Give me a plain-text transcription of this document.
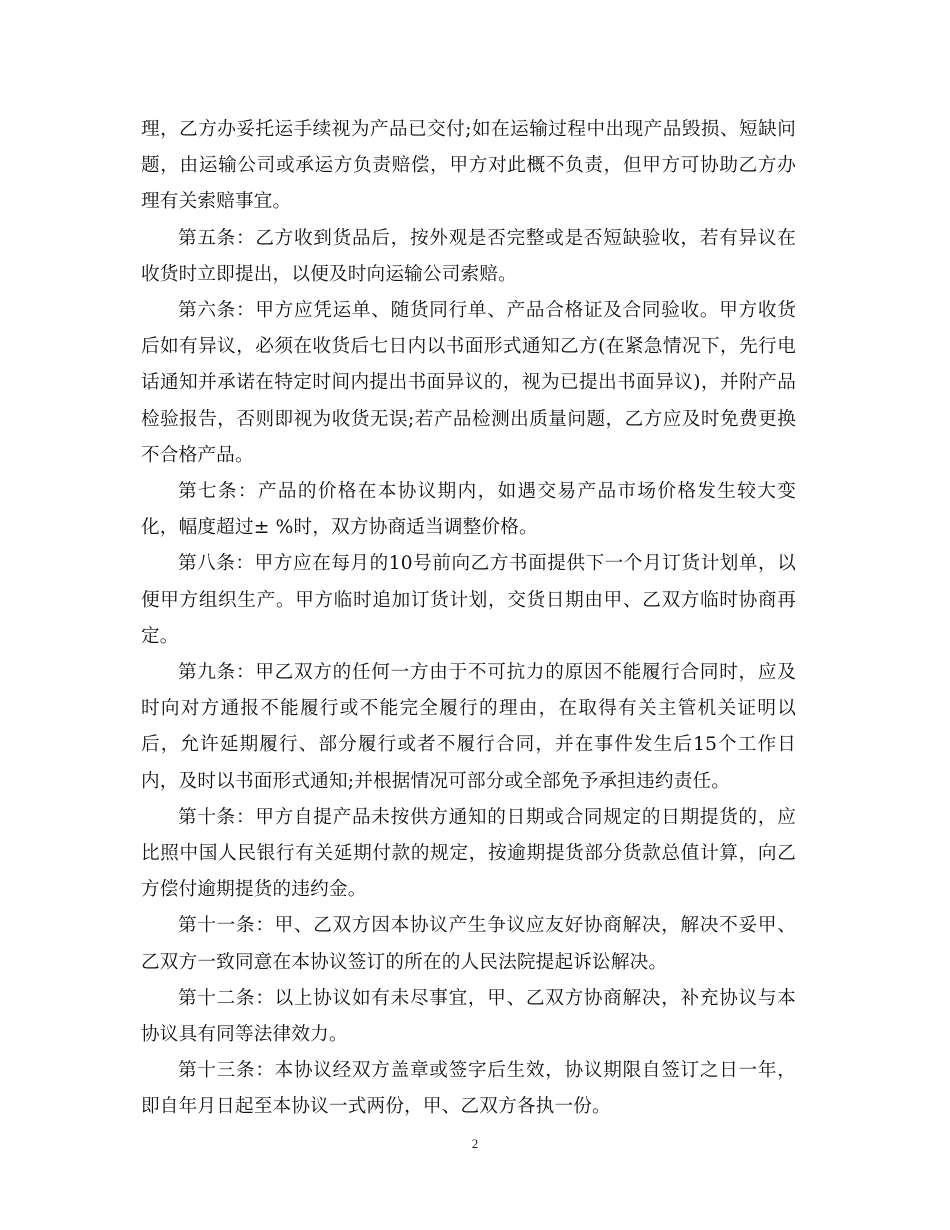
理，乙方办妥托运手续视为产品已交付;如在运输过程中出现产品毁损、短缺问题，由运输公司或承运方负责赔偿，甲方对此概不负责，但甲方可协助乙方办理有关索赔事宜。

第五条：乙方收到货品后，按外观是否完整或是否短缺验收，若有异议在收货时立即提出，以便及时向运输公司索赔。

第六条：甲方应凭运单、随货同行单、产品合格证及合同验收。甲方收货后如有异议，必须在收货后七日内以书面形式通知乙方(在紧急情况下，先行电话通知并承诺在特定时间内提出书面异议的，视为已提出书面异议)，并附产品检验报告，否则即视为收货无误;若产品检测出质量问题，乙方应及时免费更换不合格产品。

第七条：产品的价格在本协议期内，如遇交易产品市场价格发生较大变化，幅度超过± %时，双方协商适当调整价格。

第八条：甲方应在每月的10号前向乙方书面提供下一个月订货计划单，以便甲方组织生产。甲方临时追加订货计划，交货日期由甲、乙双方临时协商再定。

第九条：甲乙双方的任何一方由于不可抗力的原因不能履行合同时，应及时向对方通报不能履行或不能完全履行的理由，在取得有关主管机关证明以后，允许延期履行、部分履行或者不履行合同，并在事件发生后15个工作日内，及时以书面形式通知;并根据情况可部分或全部免予承担违约责任。

第十条：甲方自提产品未按供方通知的日期或合同规定的日期提货的，应比照中国人民银行有关延期付款的规定，按逾期提货部分货款总值计算，向乙方偿付逾期提货的违约金。

第十一条：甲、乙双方因本协议产生争议应友好协商解决，解决不妥甲、乙双方一致同意在本协议签订的所在的人民法院提起诉讼解决。

第十二条：以上协议如有未尽事宜，甲、乙双方协商解决，补充协议与本协议具有同等法律效力。

第十三条：本协议经双方盖章或签字后生效，协议期限自签订之日一年，即自年月日起至本协议一式两份，甲、乙双方各执一份。

2
